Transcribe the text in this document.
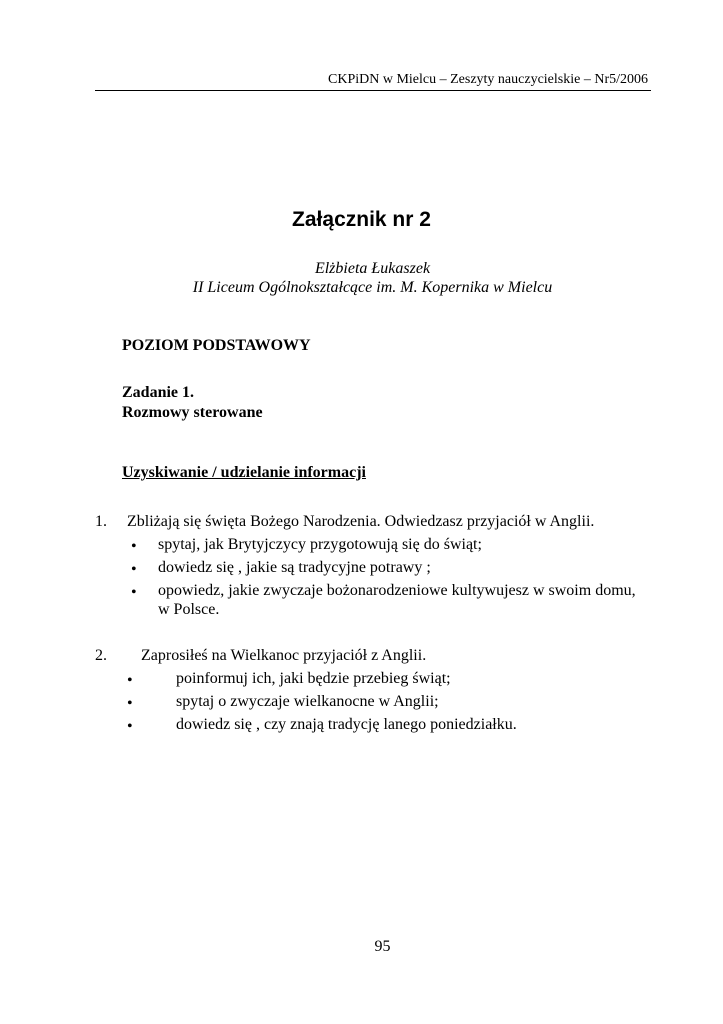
CKPiDN w Mielcu – Zeszyty nauczycielskie – Nr5/2006
Załącznik nr 2
Elżbieta Łukaszek
II Liceum Ogólnokształcące im. M. Kopernika w Mielcu
POZIOM PODSTAWOWY
Zadanie 1.
Rozmowy sterowane
Uzyskiwanie / udzielanie informacji
1. Zbliżają się święta Bożego Narodzenia. Odwiedzasz przyjaciół w Anglii.
• spytaj, jak Brytyjczycy przygotowują się do świąt;
• dowiedz się , jakie są tradycyjne potrawy ;
• opowiedz, jakie zwyczaje bożonarodzeniowe kultywujesz w swoim domu,
w Polsce.
2. Zaprosiłeś na Wielkanoc przyjaciół z Anglii.
•	poinformuj ich, jaki będzie przebieg świąt;
•	spytaj o zwyczaje wielkanocne w Anglii;
•	dowiedz się , czy znają tradycję lanego poniedziałku.
95
